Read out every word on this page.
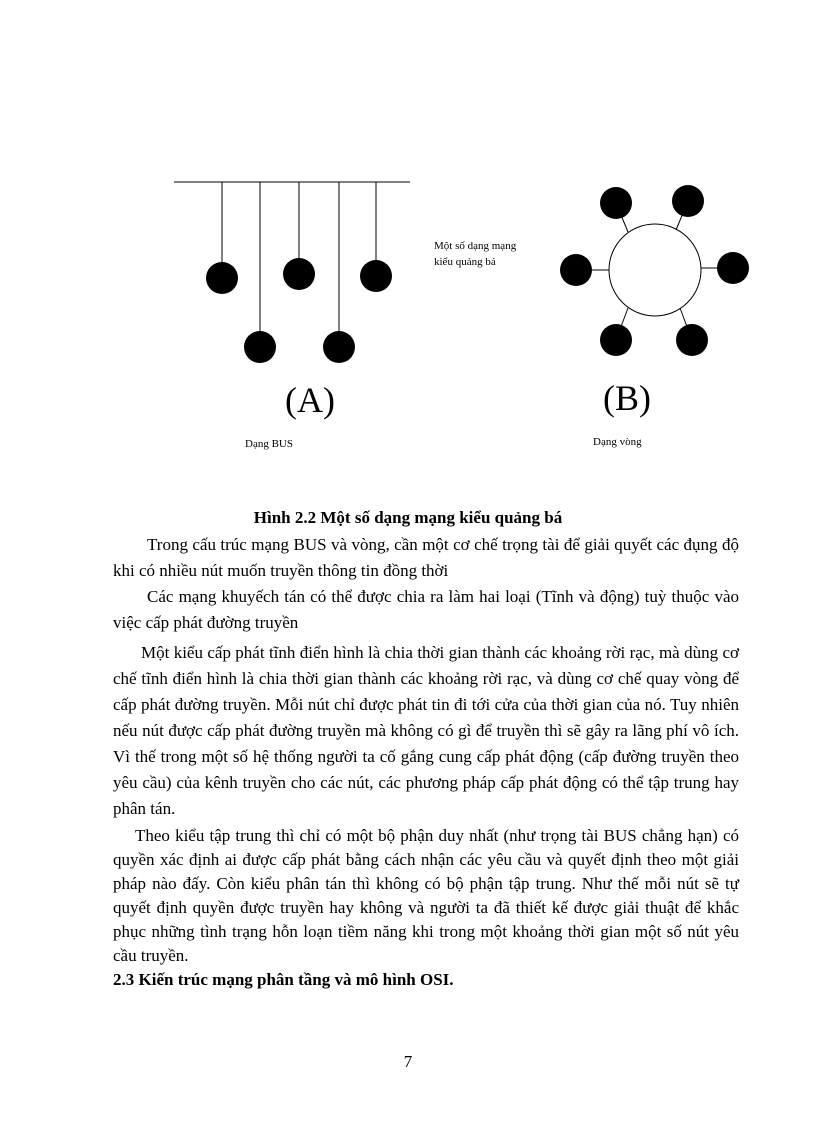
Một số dạng mạng
kiểu quảng bá
(A)	(B)
Dạng BUS	Dạng vòng
Hình 2.2 Một số dạng mạng kiểu quảng bá

Trong cấu trúc mạng BUS và vòng, cần một cơ chế trọng tài để giải quyết các đụng độ khi có nhiều nút muốn truyền thông tin đồng thời

Các mạng khuyếch tán có thể được chia ra làm hai loại (Tĩnh và động) tuỳ thuộc vào việc cấp phát đường truyền

Một kiểu cấp phát tĩnh điển hình là chia thời gian thành các khoảng rời rạc, mà dùng cơ chế tĩnh điển hình là chia thời gian thành các khoảng rời rạc, và dùng cơ chế quay vòng để cấp phát đường truyền. Mỗi nút chỉ được phát tin đi tới cửa của thời gian của nó. Tuy nhiên nếu nút được cấp phát đường truyền mà không có gì để truyền thì sẽ gây ra lãng phí vô ích. Vì thế trong một số hệ thống người ta cố gắng cung cấp phát động (cấp đường truyền theo yêu cầu) của kênh truyền cho các nút, các phương pháp cấp phát động có thể tập trung hay phân tán.

Theo kiểu tập trung thì chỉ có một bộ phận duy nhất (như trọng tài BUS chẳng hạn) có quyền xác định ai được cấp phát bằng cách nhận các yêu cầu và quyết định theo một giải pháp nào đấy. Còn kiểu phân tán thì không có bộ phận tập trung. Như thế mỗi nút sẽ tự quyết định quyền được truyền hay không và người ta đã thiết kế được giải thuật để khắc phục những tình trạng hỗn loạn tiềm năng khi trong một khoảng thời gian một số nút yêu cầu truyền.

2.3 Kiến trúc mạng phân tầng và mô hình OSI.
7
